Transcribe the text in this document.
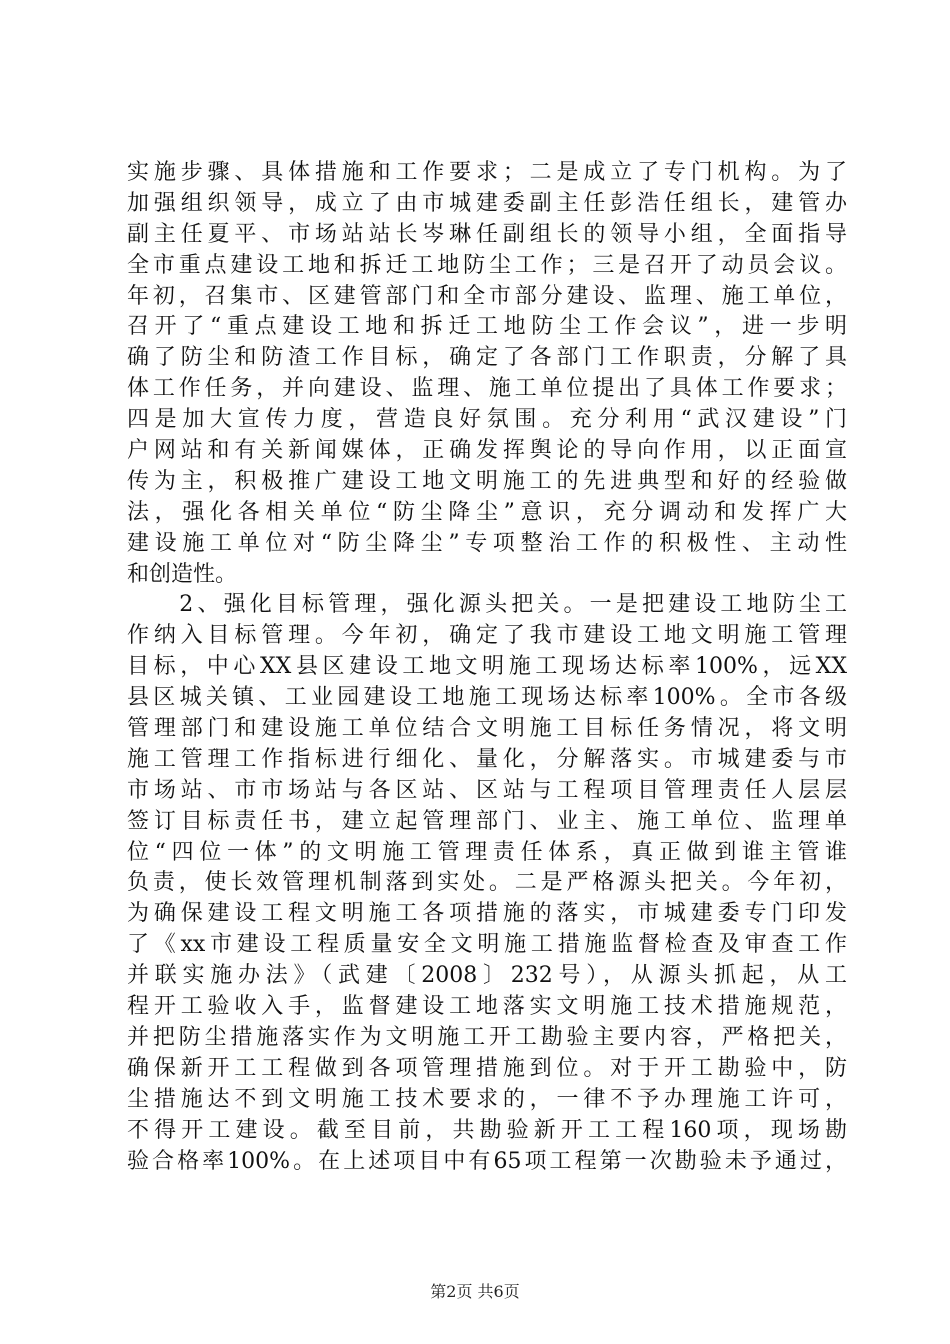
实施步骤、具体措施和工作要求；二是成立了专门机构。为了
加强组织领导，成立了由市城建委副主任彭浩任组长，建管办
副主任夏平、市场站站长岑琳任副组长的领导小组，全面指导
全市重点建设工地和拆迁工地防尘工作；三是召开了动员会议。
年初，召集市、区建管部门和全市部分建设、监理、施工单位，
召开了“重点建设工地和拆迁工地防尘工作会议”，进一步明
确了防尘和防渣工作目标，确定了各部门工作职责，分解了具
体工作任务，并向建设、监理、施工单位提出了具体工作要求；
四是加大宣传力度，营造良好氛围。充分利用“武汉建设”门
户网站和有关新闻媒体，正确发挥舆论的导向作用，以正面宣
传为主，积极推广建设工地文明施工的先进典型和好的经验做
法，强化各相关单位“防尘降尘”意识，充分调动和发挥广大
建设施工单位对“防尘降尘”专项整治工作的积极性、主动性
和创造性。
　　2、强化目标管理，强化源头把关。一是把建设工地防尘工
作纳入目标管理。今年初，确定了我市建设工地文明施工管理
目标，中心XX县区建设工地文明施工现场达标率100%，远XX
县区城关镇、工业园建设工地施工现场达标率100%。全市各级
管理部门和建设施工单位结合文明施工目标任务情况，将文明
施工管理工作指标进行细化、量化，分解落实。市城建委与市
市场站、市市场站与各区站、区站与工程项目管理责任人层层
签订目标责任书，建立起管理部门、业主、施工单位、监理单
位“四位一体”的文明施工管理责任体系，真正做到谁主管谁
负责，使长效管理机制落到实处。二是严格源头把关。今年初，
为确保建设工程文明施工各项措施的落实，市城建委专门印发
了《xx市建设工程质量安全文明施工措施监督检查及审查工作
并联实施办法》（武建〔2008〕232号），从源头抓起，从工
程开工验收入手，监督建设工地落实文明施工技术措施规范，
并把防尘措施落实作为文明施工开工勘验主要内容，严格把关，
确保新开工工程做到各项管理措施到位。对于开工勘验中，防
尘措施达不到文明施工技术要求的，一律不予办理施工许可，
不得开工建设。截至目前，共勘验新开工工程160项，现场勘
验合格率100%。在上述项目中有65项工程第一次勘验未予通过，
第2页 共6页
